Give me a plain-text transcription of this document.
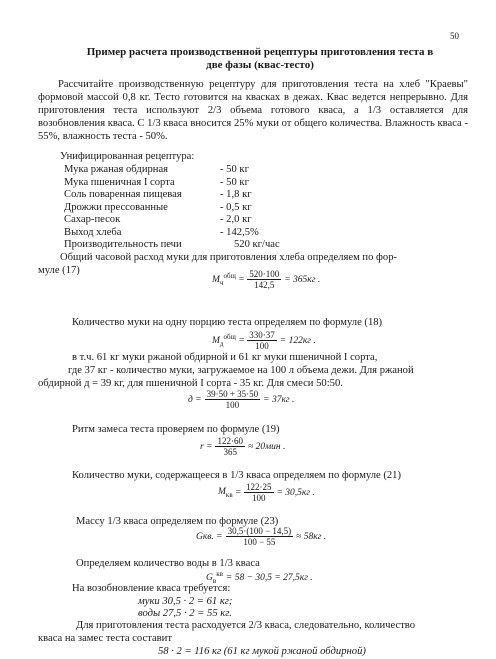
50
Пример расчета производственной рецептуры приготовления теста в
две фазы (квас-тесто)
Рассчитайте производственную рецептуру для приготовления теста на хлеб "Краевы" формовой массой 0,8 кг. Тесто готовится на квасках в дежах. Квас ведется непрерывно. Для приготовления теста используют 2/3 объема готового кваса, а 1/3 оставляется для возобновления кваса. С 1/3 кваса вносится 25% муки от общего количества. Влажность кваса - 55%, влажность теста - 50%.
Унифицированная рецептура:
Мука ржаная обдирная	- 50 кг
Мука пшеничная I сорта	- 50 кг
Соль поваренная пищевая	- 1,8 кг
Дрожжи прессованные	- 0,5 кг
Сахар-песок	- 2,0 кг
Выход хлеба	- 142,5%
Производительность печи	520 кг/час
Общий часовой расход муки для приготовления хлеба определяем по фор-
муле (17)
$M_ч^{общ} = \frac{520\cdot 100}{142,5} = 365кг$ .
Количество муки на одну порцию теста определяем по формуле (18)
$M_д^{общ} = \frac{330\cdot 37}{100} = 122кг$ .
в т.ч. 61 кг муки ржаной обдирной и 61 кг муки пшеничной I сорта,
где 37 кг - количество муки, загружаемое на 100 л объема дежи. Для ржаной
обдирной д = 39 кг, для пшеничной I сорта - 35 кг. Для смеси 50:50.
$д = \frac{39\cdot 50 + 35\cdot 50}{100} = 37кг$ .
Ритм замеса теста проверяем по формуле (19)
$r = \frac{122\cdot 60}{365} \approx 20мин$ .
Количество муки, содержащееся в 1/3 кваса определяем по формуле (21)
$M_{кв} = \frac{122\cdot 25}{100} = 30,5кг$ .
Массу 1/3 кваса определяем по формуле (23)
Gкв. = $\frac{30,5\cdot(100 - 14,5)}{100 - 55} \approx 58кг$ .
Определяем количество воды в 1/3 кваса
$G_в^{кв} = 58 - 30,5 = 27,5кг$ .
На возобновление кваса требуется:
муки 30,5 · 2 = 61 кг;
воды 27,5 · 2 = 55 кг.
Для приготовления теста расходуется 2/3 кваса, следовательно, количество
кваса на замес теста составит
58 · 2 = 116 кг (61 кг мукой ржаной обдирной)
